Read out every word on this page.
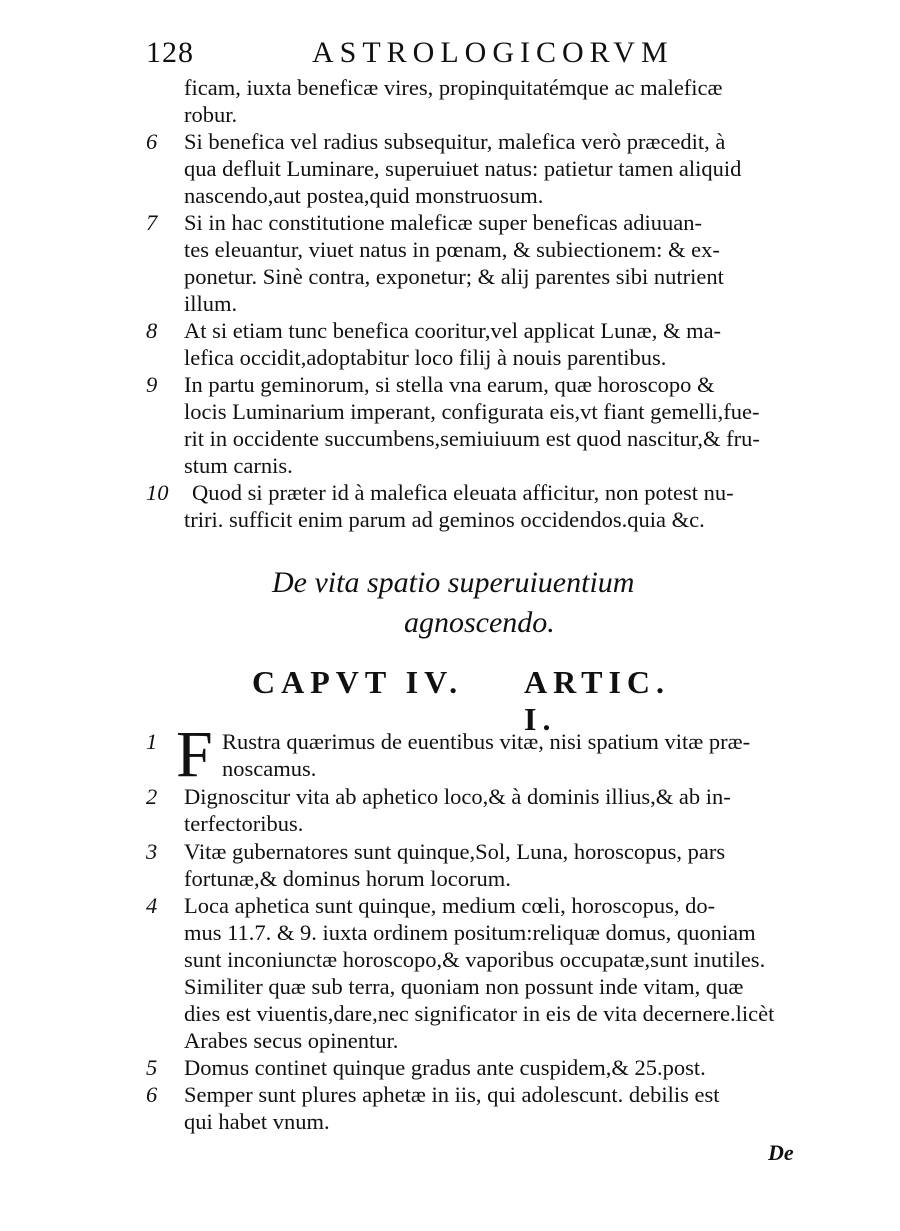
128	ASTROLOGICORVM
ficam, iuxta beneficæ vires, propinquitatémque ac maleficæ
robur.
6 Si benefica vel radius subsequitur, malefica verò præcedit, à
qua defluit Luminare, superuiuet natus: patietur tamen aliquid
nascendo,aut postea,quid monstruosum.
7 Si in hac constitutione maleficæ super beneficas adiuuan-
tes eleuantur, viuet natus in pœnam, & subiectionem: & ex-
ponetur. Sinè contra, exponetur; & alij parentes sibi nutrient
illum.
8 At si etiam tunc benefica cooritur,vel applicat Lunæ, & ma-
lefica occidit,adoptabitur loco filij à nouis parentibus.
9 In partu geminorum, si stella vna earum, quæ horoscopo &
locis Luminarium imperant, configurata eis,vt fiant gemelli,fue-
rit in occidente succumbens,semiuiuum est quod nascitur,& fru-
stum carnis.
10 Quod si præter id à malefica eleuata afficitur, non potest nu-
triri. sufficit enim parum ad geminos occidendos.quia &c.
De vita spatio superuiuentium
agnoscendo.
CAPVT IV. ARTIC. I.
F
1	Rustra quærimus de euentibus vitæ, nisi spatium vitæ præ-
noscamus.
2 Dignoscitur vita ab aphetico loco,& à dominis illius,& ab in-
terfectoribus.
3 Vitæ gubernatores sunt quinque,Sol, Luna, horoscopus, pars
fortunæ,& dominus horum locorum.
4 Loca aphetica sunt quinque, medium cœli, horoscopus, do-
mus 11.7. & 9. iuxta ordinem positum:reliquæ domus, quoniam
sunt inconiunctæ horoscopo,& vaporibus occupatæ,sunt inutiles.
Similiter quæ sub terra, quoniam non possunt inde vitam, quæ
dies est viuentis,dare,nec significator in eis de vita decernere.licèt
Arabes secus opinentur.
5 Domus continet quinque gradus ante cuspidem,& 25.post.
6 Semper sunt plures aphetæ in iis, qui adolescunt. debilis est
qui habet vnum.
De
